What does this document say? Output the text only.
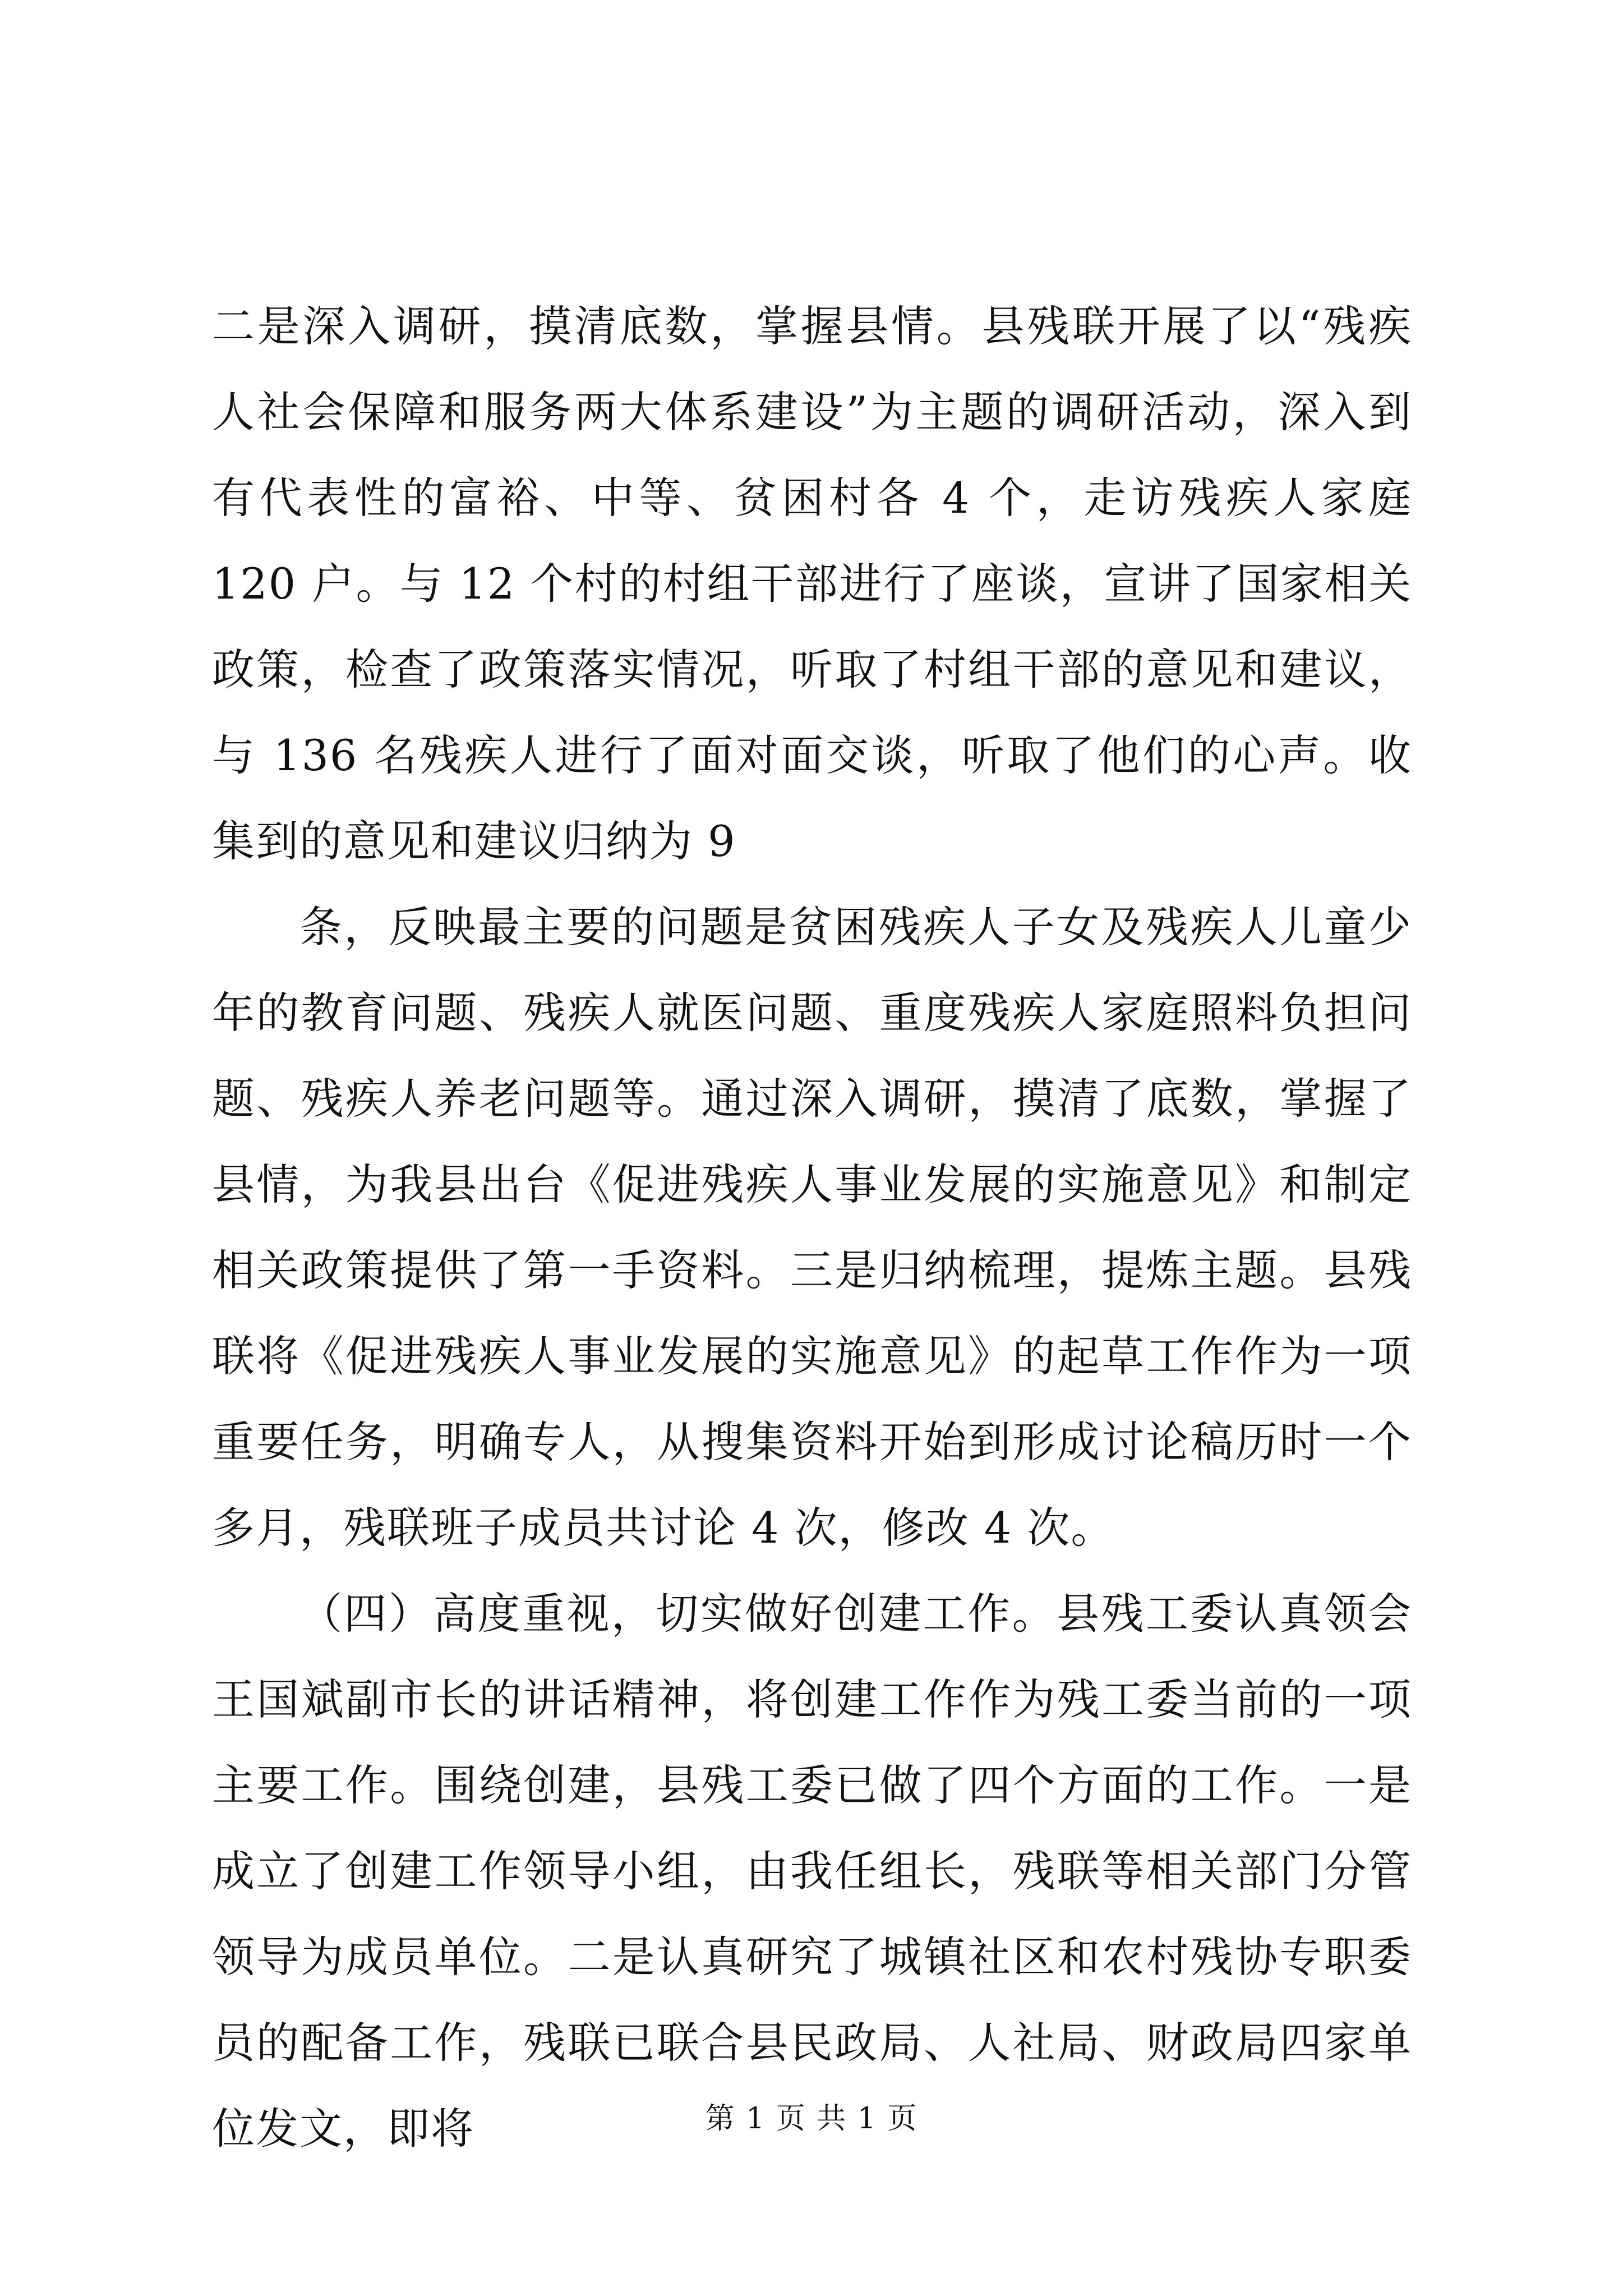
二是深入调研，摸清底数，掌握县情。县残联开展了以“残疾人社会保障和服务两大体系建设”为主题的调研活动，深入到有代表性的富裕、中等、贫困村各 4 个，走访残疾人家庭 120 户。与 12 个村的村组干部进行了座谈，宣讲了国家相关政策，检查了政策落实情况，听取了村组干部的意见和建议，与 136 名残疾人进行了面对面交谈，听取了他们的心声。收集到的意见和建议归纳为 9

条，反映最主要的问题是贫困残疾人子女及残疾人儿童少年的教育问题、残疾人就医问题、重度残疾人家庭照料负担问题、残疾人养老问题等。通过深入调研，摸清了底数，掌握了县情，为我县出台《促进残疾人事业发展的实施意见》和制定相关政策提供了第一手资料。三是归纳梳理，提炼主题。县残联将《促进残疾人事业发展的实施意见》的起草工作作为一项重要任务，明确专人，从搜集资料开始到形成讨论稿历时一个多月，残联班子成员共讨论 4 次，修改 4 次。

（四）高度重视，切实做好创建工作。县残工委认真领会王国斌副市长的讲话精神，将创建工作作为残工委当前的一项主要工作。围绕创建，县残工委已做了四个方面的工作。一是成立了创建工作领导小组，由我任组长，残联等相关部门分管领导为成员单位。二是认真研究了城镇社区和农村残协专职委员的配备工作，残联已联合县民政局、人社局、财政局四家单位发文，即将	第 1 页 共 1 页
